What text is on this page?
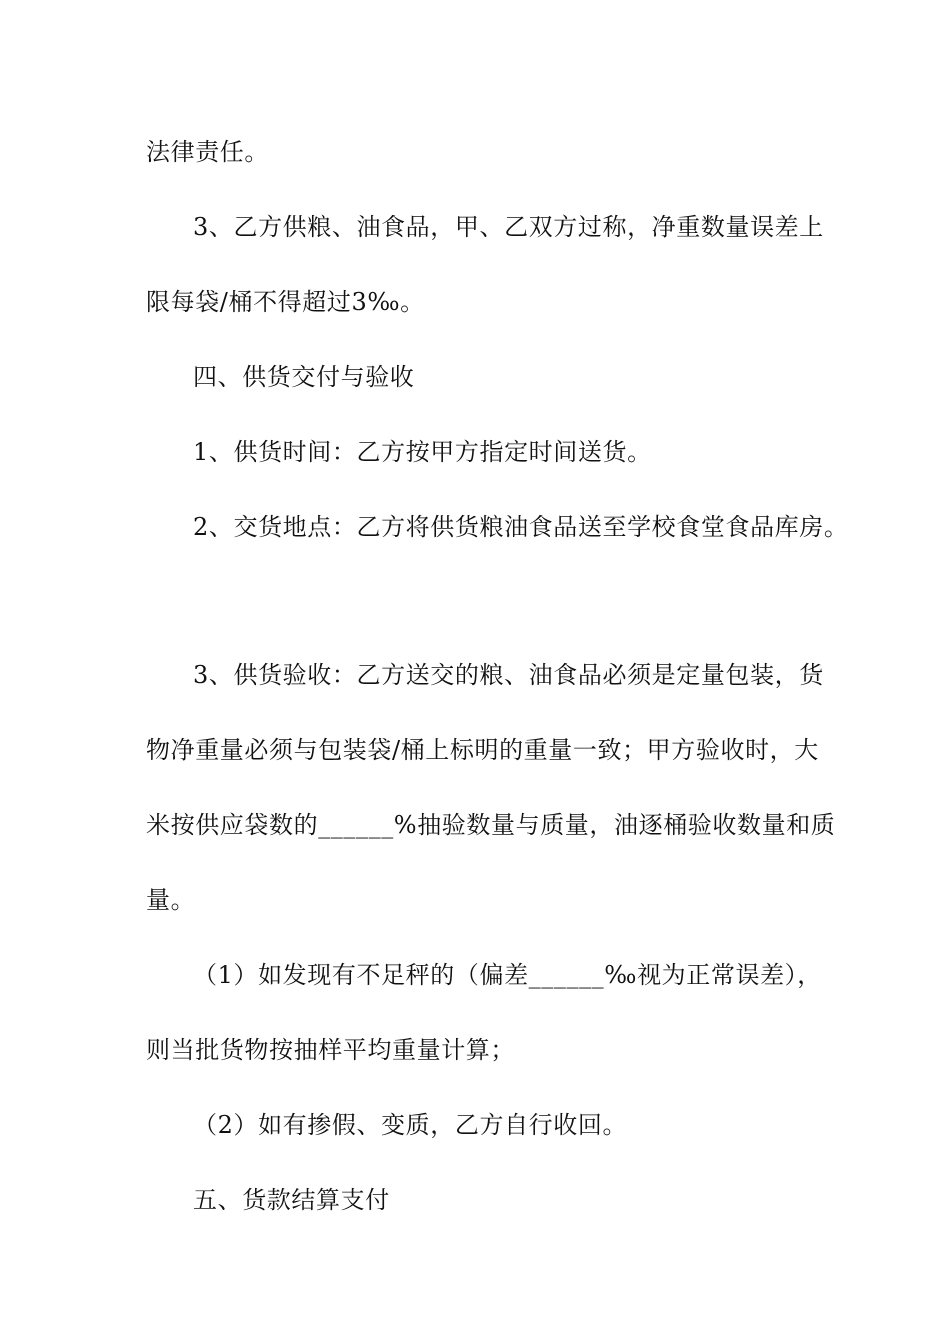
法律责任。
3、乙方供粮、油食品，甲、乙双方过称，净重数量误差上
限每袋/桶不得超过3‰。
四、供货交付与验收
1、供货时间：乙方按甲方指定时间送货。
2、交货地点：乙方将供货粮油食品送至学校食堂食品库房。
3、供货验收：乙方送交的粮、油食品必须是定量包装，货
物净重量必须与包装袋/桶上标明的重量一致；甲方验收时，大
米按供应袋数的______%抽验数量与质量，油逐桶验收数量和质
量。
（1）如发现有不足秤的（偏差______‰视为正常误差），
则当批货物按抽样平均重量计算；
（2）如有掺假、变质，乙方自行收回。
五、货款结算支付
